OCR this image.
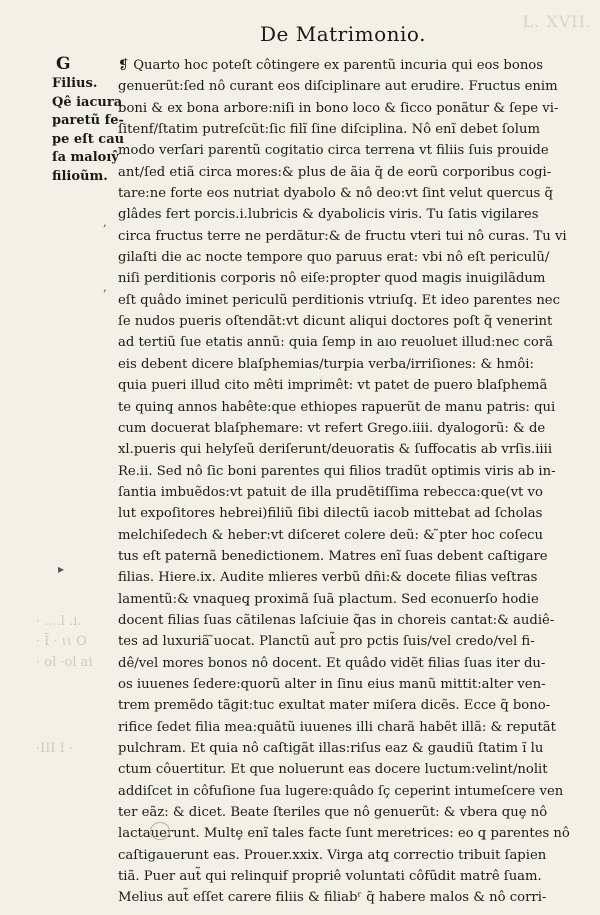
L. XVII.
De Matrimonio.
G
Filius.
Qê iacura
paretũ fe-
pe eſt cau
ſa maloıŷ
filioũm.
,
,
▸
· ....l .i.
· Ī · ιι O
· ol ·ol ai
·IΙΙ Ι ·
❡ Quarto hoc poteſt côtingere ex parentũ incuria qui eos bonos
genuerũt:ſed nô curant eos diſciplinare aut erudire. Fructus enim
boni & ex bona arbore:niſi in bono loco & ſicco ponãtur & ſepe vi-
ſitenf/ſtatim putreſcũt:ſic filĩ ſine diſciplina. Nô enĩ debet ſolum
modo verſari parentũ cogitatio circa terrena vt filiis ſuis prouide
ant/ſed etiã circa mores:& plus de ãia q̃ de eorũ corporibus cogi-
tare:ne forte eos nutriat dyabolo & nô deo:vt ſint velut quercus q̃
glâdes fert porcis.i.lubricis & dyabolicis viris. Tu ſatis vigilares
circa fructus terre ne perdãtur:& de fructu vteri tui nô curas. Tu vi
gilaſti die ac nocte tempore quo paruus erat: vbi nô eſt periculũ/
niſi perditionis corporis nô eiſe:propter quod magis inuigilãdum
eſt quâdo iminet periculũ perditionis vtriuſq̧. Et ideo parentes nec
ſe nudos pueris oſtendãt:vt dicunt aliqui doctores poſt q̃ venerint
ad tertiũ ſue etatis annũ: quia ſemp in aıo reuoluet illud:nec corã
eis debent dicere blaſphemias/turpia verba/irriſiones: & hmôi:
quia pueri illud cito mêti imprimêt: vt patet de puero blaſphemã
te quinq̧ annos habête:que ethiopes rapuerũt de manu patris: qui
cum docuerat blaſphemare: vt refert Grego.iiii. dyalogorũ: & de
xl.pueris qui helyſeũ deriſerunt/deuoratis & ſuffocatis ab vrſis.iiii
Re.ii. Sed nô ſic boni parentes qui filios tradũt optimis viris ab in-
ſantia imbuẽdos:vt patuit de illa prudẽtiſſima rebecca:que(vt vo
lut expoſitores hebrei)filiũ ſibi dilectũ iacob mittebat ad ſcholas
melchiſedech & heber:vt diſceret colere deũ: & ̃pter hoc coſecu
tus eſt paternã benedictionem. Matres enĩ ſuas debent caſtigare
filias. Hiere.ix. Audite mlieres verbũ dñi:& docete filias veſtras
lamentũ:& vnaqueq̧ proximã ſuã plactum. Sed econuerſo hodie
docent filias ſuas cãtilenas laſciuie q̃as in choreis cantat:& audiê-
tes ad luxuriã ̃uocat. Planctũ aut̃ pro pctis ſuis/vel credo/vel fi-
dê/vel mores bonos nô docent. Et quâdo vidẽt filias ſuas iter du-
os iuuenes ſedere:quorũ alter in ſinu eius manũ mittit:alter ven-
trem premẽdo tãgit:tuc exultat mater miſera dicẽs. Ecce q̃ bono-
rifice ſedet filia mea:quãtũ iuuenes illi charã habẽt illã: & reputãt
pulchram. Et quia nô caſtigãt illas:riſus eaz & gaudiũ ſtatim ĩ lu
ctum côuertitur. Et que noluerunt eas docere luctum:velint/nolit
addiſcet in côfuſione ſua lugere:quâdo ſç ceperint intumeſcere ven
ter eãz: & dicet. Beate ſteriles que nô genuerũt: & vbera quȩ nô
lactauerunt. Multȩ enĩ tales facte ſunt meretrices: eo q̧ parentes nô
caſtigauerunt eas. Prouer.xxix. Virga atq̧ correctio tribuit ſapien
tiã. Puer aut̃ qui relinquif propriê voluntati côfũdit matrê ſuam.
Melius aut̃ eſſet carere filiis & filiabʳ q̃ habere malos & nô corri-
